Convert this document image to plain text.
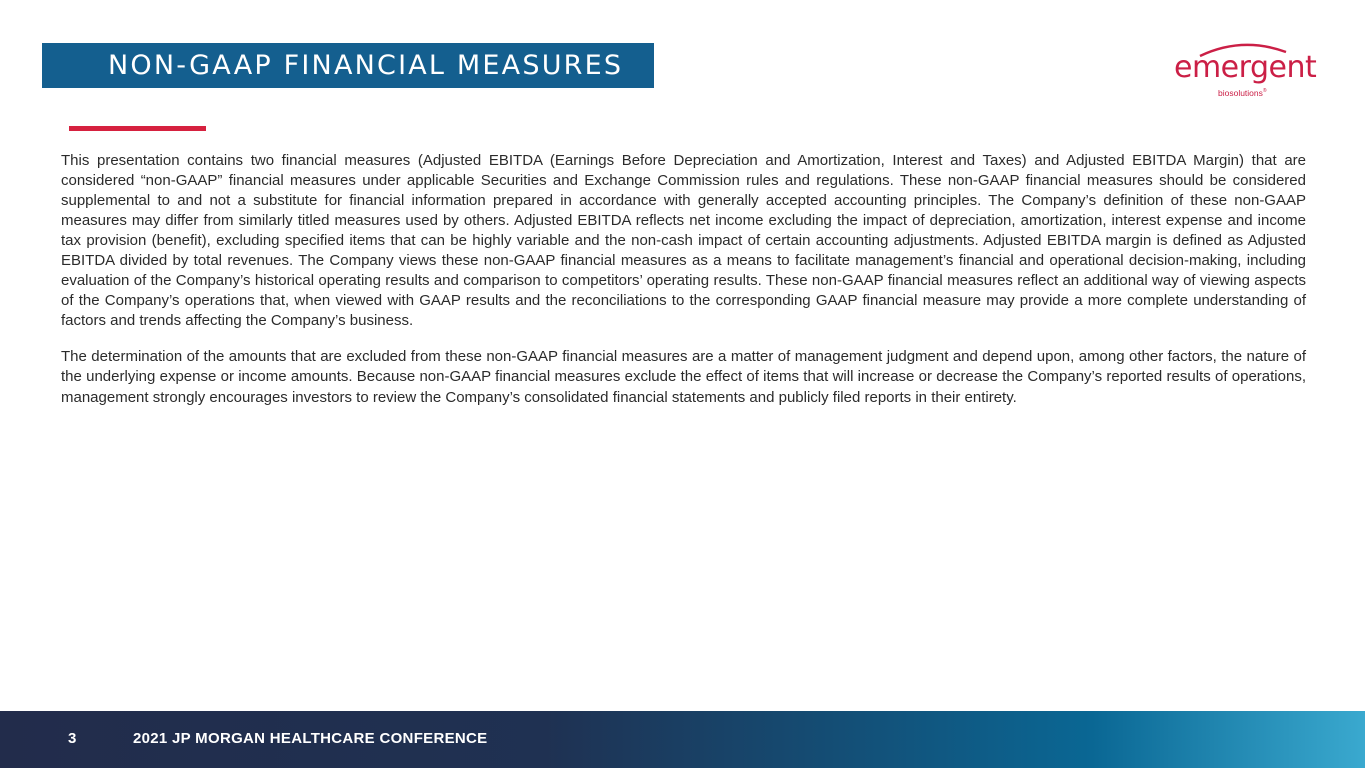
NON-GAAP FINANCIAL MEASURES	emergent
biosolutions®

This presentation contains two financial measures (Adjusted EBITDA (Earnings Before Depreciation and Amortization, Interest and Taxes) and Adjusted EBITDA Margin) that are considered “non-GAAP” financial measures under applicable Securities and Exchange Commission rules and regulations. These non-GAAP financial measures should be considered supplemental to and not a substitute for financial information prepared in accordance with generally accepted accounting principles. The Company’s definition of these non-GAAP measures may differ from similarly titled measures used by others. Adjusted EBITDA reflects net income excluding the impact of depreciation, amortization, interest expense and income tax provision (benefit), excluding specified items that can be highly variable and the non-cash impact of certain accounting adjustments. Adjusted EBITDA margin is defined as Adjusted EBITDA divided by total revenues. The Company views these non-GAAP financial measures as a means to facilitate management’s financial and operational decision-making, including evaluation of the Company’s historical operating results and comparison to competitors’ operating results. These non-GAAP financial measures reflect an additional way of viewing aspects of the Company’s operations that, when viewed with GAAP results and the reconciliations to the corresponding GAAP financial measure may provide a more complete understanding of factors and trends affecting the Company’s business.

The determination of the amounts that are excluded from these non-GAAP financial measures are a matter of management judgment and depend upon, among other factors, the nature of the underlying expense or income amounts. Because non-GAAP financial measures exclude the effect of items that will increase or decrease the Company’s reported results of operations, management strongly encourages investors to review the Company’s consolidated financial statements and publicly filed reports in their entirety.

3	2021 JP MORGAN HEALTHCARE CONFERENCE
